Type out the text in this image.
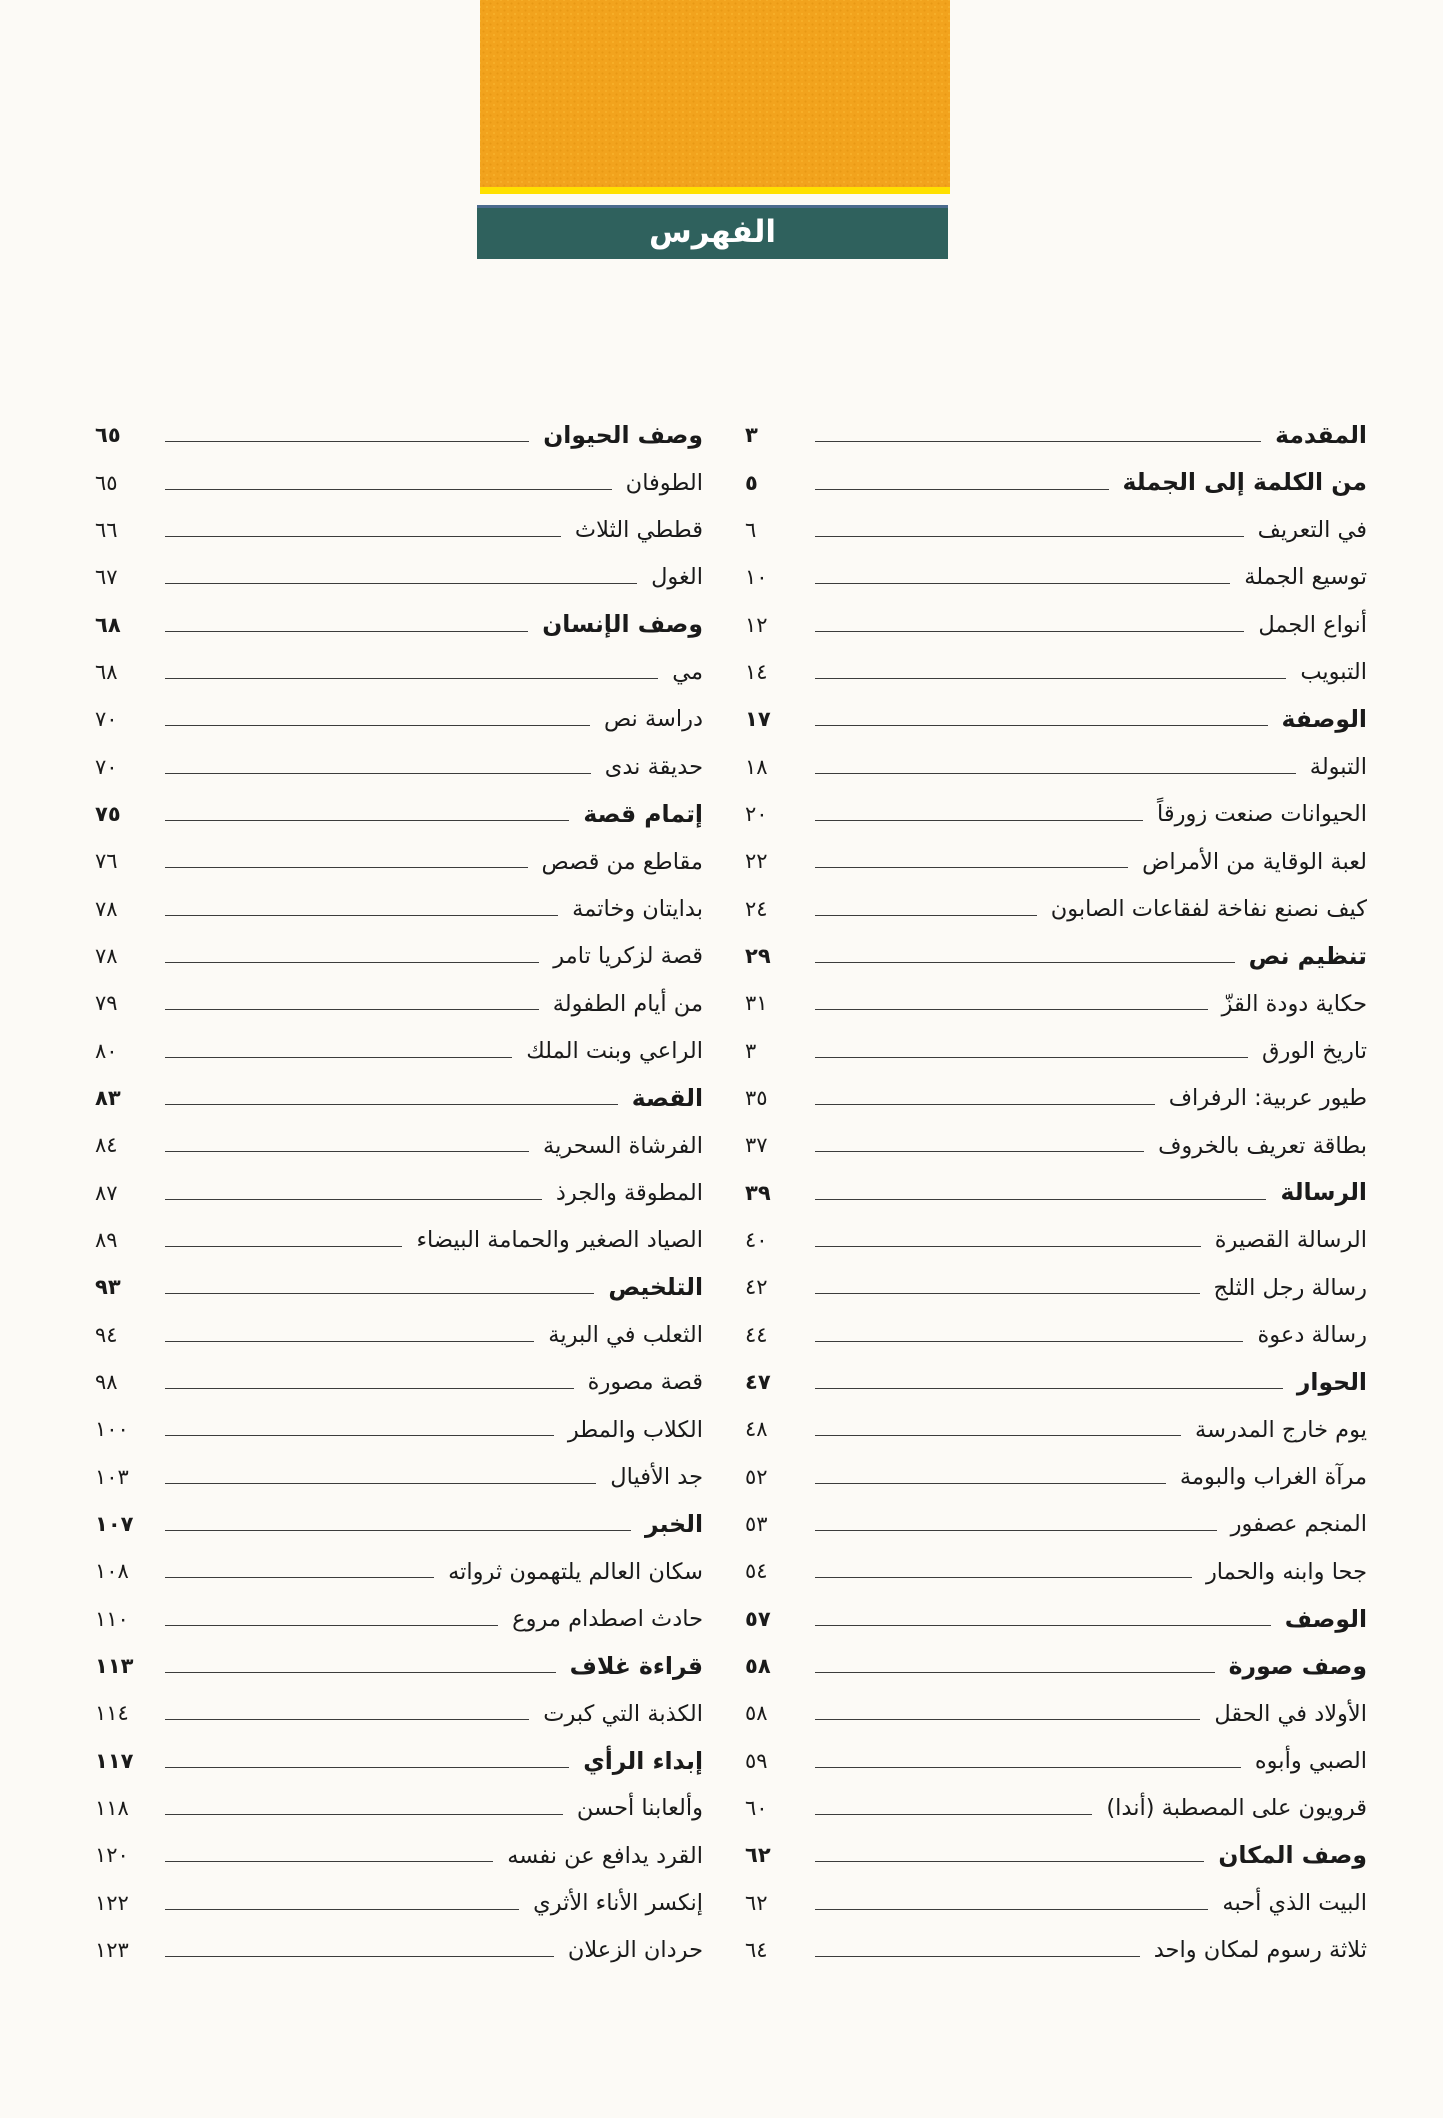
الفهرس
المقدمة
٣
من الكلمة إلى الجملة
٥
في التعريف
٦
توسيع الجملة
١٠
أنواع الجمل
١٢
التبويب
١٤
الوصفة
١٧
التبولة
١٨
الحيوانات صنعت زورقاً
٢٠
لعبة الوقاية من الأمراض
٢٢
كيف نصنع نفاخة لفقاعات الصابون
٢٤
تنظيم نص
٢٩
حكاية دودة القزّ
٣١
تاريخ الورق
٣
طيور عربية: الرفراف
٣٥
بطاقة تعريف بالخروف
٣٧
الرسالة
٣٩
الرسالة القصيرة
٤٠
رسالة رجل الثلج
٤٢
رسالة دعوة
٤٤
الحوار
٤٧
يوم خارج المدرسة
٤٨
مرآة الغراب والبومة
٥٢
المنجم عصفور
٥٣
جحا وابنه والحمار
٥٤
الوصف
٥٧
وصف صورة
٥٨
الأولاد في الحقل
٥٨
الصبي وأبوه
٥٩
قرويون على المصطبة (أندا)
٦٠
وصف المكان
٦٢
البيت الذي أحبه
٦٢
ثلاثة رسوم لمكان واحد
٦٤
وصف الحيوان
٦٥
الطوفان
٦٥
قططي الثلاث
٦٦
الغول
٦٧
وصف الإنسان
٦٨
مي
٦٨
دراسة نص
٧٠
حديقة ندى
٧٠
إتمام قصة
٧٥
مقاطع من قصص
٧٦
بدايتان وخاتمة
٧٨
قصة لزكريا تامر
٧٨
من أيام الطفولة
٧٩
الراعي وبنت الملك
٨٠
القصة
٨٣
الفرشاة السحرية
٨٤
المطوقة والجرذ
٨٧
الصياد الصغير والحمامة البيضاء
٨٩
التلخيص
٩٣
الثعلب في البرية
٩٤
قصة مصورة
٩٨
الكلاب والمطر
١٠٠
جد الأفيال
١٠٣
الخبر
١٠٧
سكان العالم يلتهمون ثرواته
١٠٨
حادث اصطدام مروع
١١٠
قراءة غلاف
١١٣
الكذبة التي كبرت
١١٤
إبداء الرأي
١١٧
وألعابنا أحسن
١١٨
القرد يدافع عن نفسه
١٢٠
إنكسر الأناء الأثري
١٢٢
حردان الزعلان
١٢٣
